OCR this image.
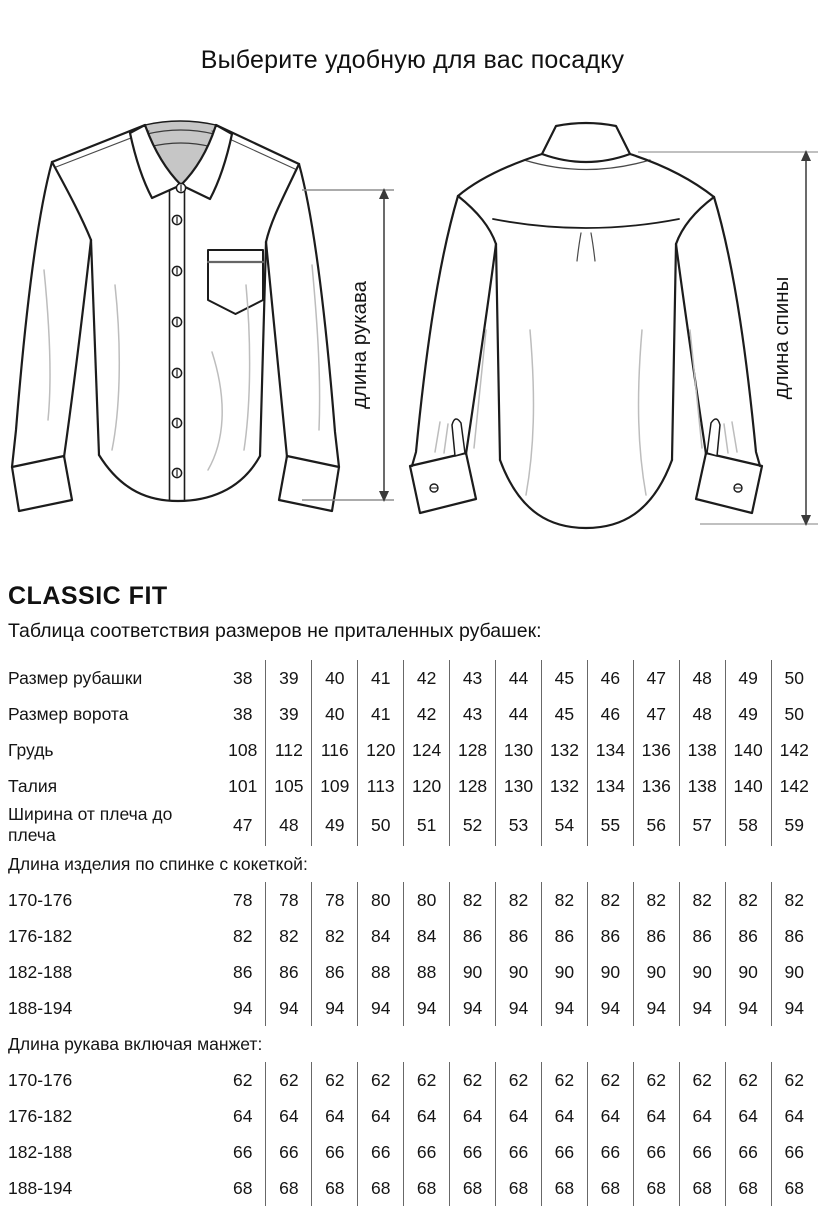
Выберите удобную для вас посадку
длина рукава	длина спины
CLASSIC FIT
Таблица соответствия размеров не приталенных рубашек:
Размер рубашки	38	39	40	41	42	43	44	45	46	47	48	49	50
Размер ворота	38	39	40	41	42	43	44	45	46	47	48	49	50
Грудь	108	112	116	120	124	128	130	132	134	136	138	140	142
Талия	101	105	109	113	120	128	130	132	134	136	138	140	142
Ширина от плеча до плеча	47	48	49	50	51	52	53	54	55	56	57	58	59
Длина изделия по спинке с кокеткой:													
170-176	78	78	78	80	80	82	82	82	82	82	82	82	82
176-182	82	82	82	84	84	86	86	86	86	86	86	86	86
182-188	86	86	86	88	88	90	90	90	90	90	90	90	90
188-194	94	94	94	94	94	94	94	94	94	94	94	94	94
Длина рукава включая манжет:													
170-176	62	62	62	62	62	62	62	62	62	62	62	62	62
176-182	64	64	64	64	64	64	64	64	64	64	64	64	64
182-188	66	66	66	66	66	66	66	66	66	66	66	66	66
188-194	68	68	68	68	68	68	68	68	68	68	68	68	68
